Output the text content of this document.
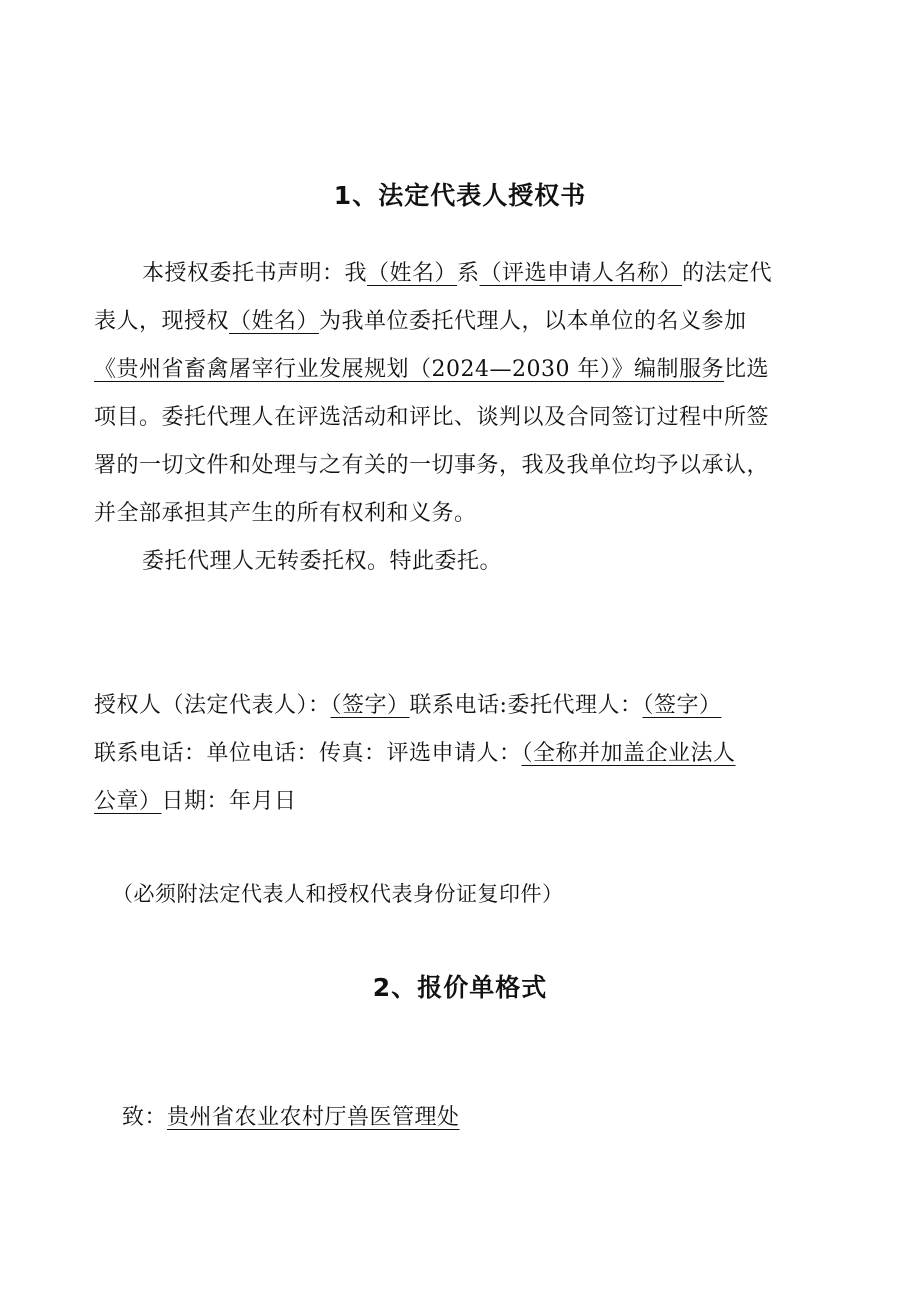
1、法定代表人授权书
本授权委托书声明：我（姓名）系（评选申请人名称）的法定代
表人，现授权（姓名）为我单位委托代理人，以本单位的名义参加
《贵州省畜禽屠宰行业发展规划（2024—2030 年）》编制服务比选
项目。委托代理人在评选活动和评比、谈判以及合同签订过程中所签
署的一切文件和处理与之有关的一切事务，我及我单位均予以承认，
并全部承担其产生的所有权利和义务。
委托代理人无转委托权。特此委托。
授权人（法定代表人）：（签字）联系电话:委托代理人：（签字）
联系电话：单位电话：传真：评选申请人：（全称并加盖企业法人
公章）日期：年月日
（必须附法定代表人和授权代表身份证复印件）
2、报价单格式
致：贵州省农业农村厅兽医管理处
